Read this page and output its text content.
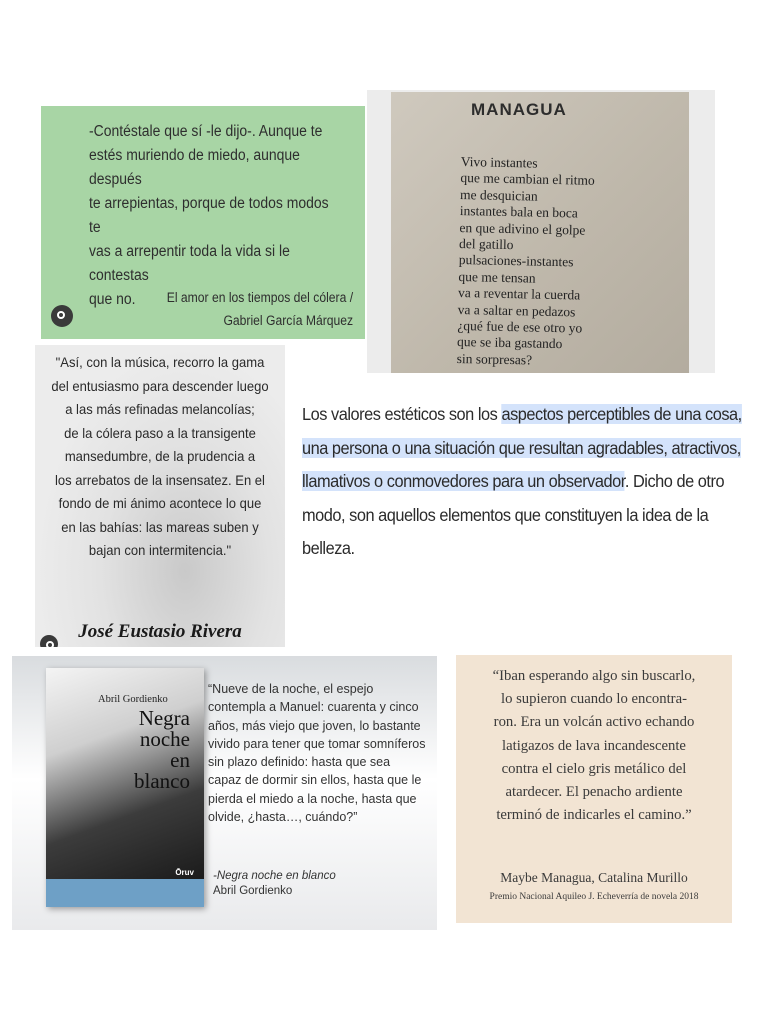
-Contéstale que sí -le dijo-. Aunque te
estés muriendo de miedo, aunque después
te arrepientas, porque de todos modos te
vas a arrepentir toda la vida si le contestas
que no.	El amor en los tiempos del cólera /
Gabriel García Márquez
MANAGUA
Vivo instantes
que me cambian el ritmo
me desquician
instantes bala en boca
en que adivino el golpe
del gatillo
pulsaciones-instantes
que me tensan
va a reventar la cuerda
va a saltar en pedazos
¿qué fue de ese otro yo
que se iba gastando
sin sorpresas?
"Así, con la música, recorro la gama
del entusiasmo para descender luego
a las más refinadas melancolías;
de la cólera paso a la transigente
mansedumbre, de la prudencia a
los arrebatos de la insensatez. En el
fondo de mi ánimo acontece lo que
en las bahías: las mareas suben y
bajan con intermitencia."
José Eustasio Rivera

Los valores estéticos son los aspectos perceptibles de una cosa, una persona o una situación que resultan agradables, atractivos, llamativos o conmovedores para un observador. Dicho de otro modo, son aquellos elementos que constituyen la idea de la belleza.

Abril Gordienko
Negra
noche
en
blanco
Ōruv
“Nueve de la noche, el espejo contempla a Manuel: cuarenta y cinco años, más viejo que joven, lo bastante vivido para tener que tomar somníferos sin plazo definido: hasta que sea capaz de dormir sin ellos, hasta que le pierda el miedo a la noche, hasta que olvide, ¿hasta…, cuándo?”
-Negra noche en blanco
Abril Gordienko
“Iban esperando algo sin buscarlo,
lo supieron cuando lo encontra-
ron. Era un volcán activo echando
latigazos de lava incandescente
contra el cielo gris metálico del
atardecer. El penacho ardiente
terminó de indicarles el camino.”
Maybe Managua, Catalina Murillo
Premio Nacional Aquileo J. Echeverría de novela 2018
